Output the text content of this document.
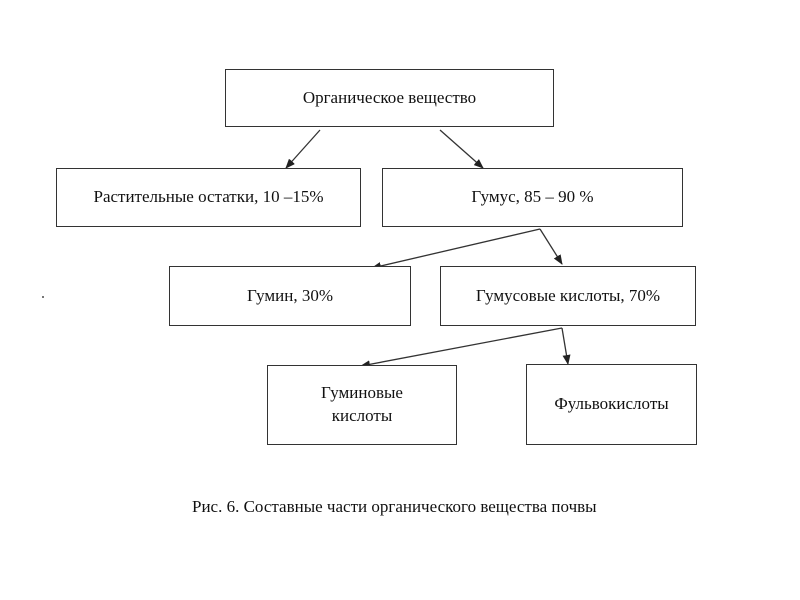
Органическое вещество
Растительные остатки, 10 –15%	Гумус, 85 – 90 %
Гумин, 30%	Гумусовые кислоты, 70%
Гуминовые
кислоты
Фульвокислоты
Рис. 6. Составные части органического вещества почвы
